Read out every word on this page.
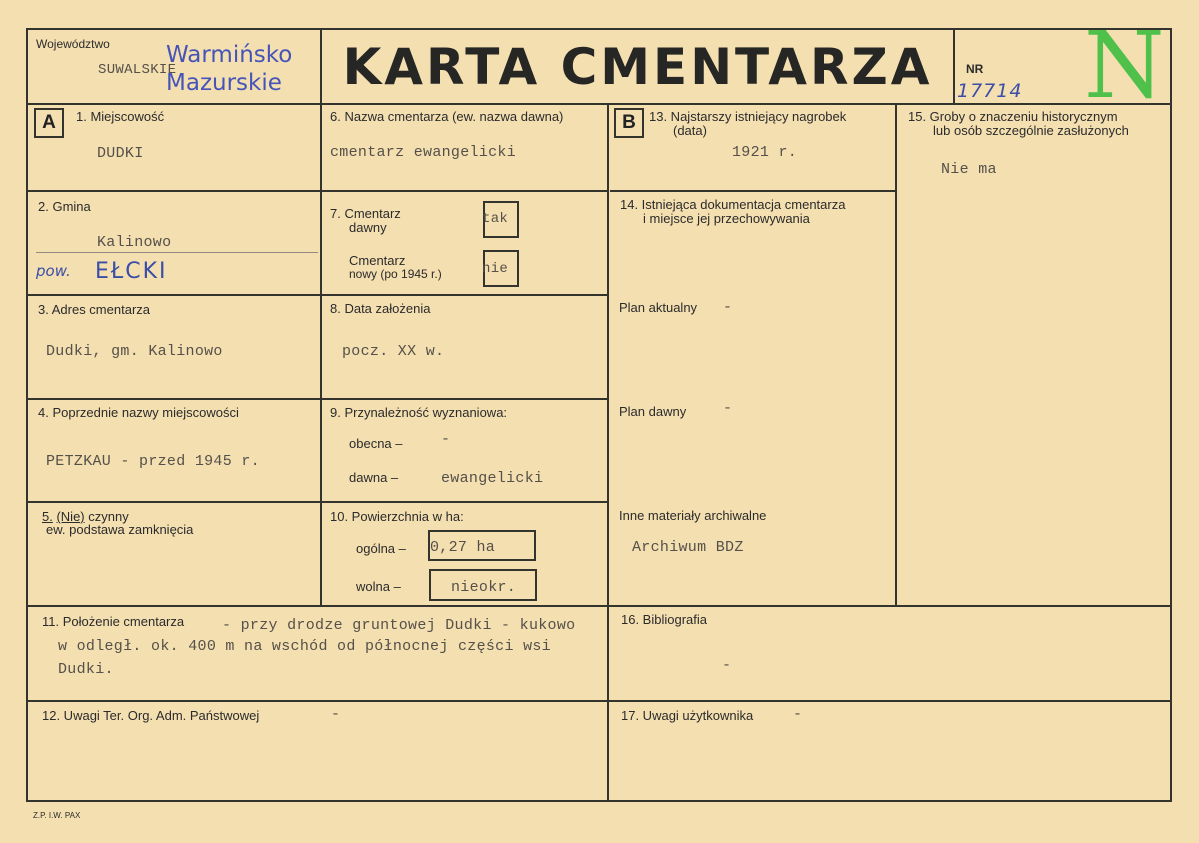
Województwo
SUWALSKIE
Warmińsko
Mazurskie KARTA CMENTARZA	NR
17714 N
A	1. Miejscowość
DUDKI
2. Gmina
Kalinowo
pow. EŁCKI
3. Adres cmentarza
Dudki, gm. Kalinowo
4. Poprzednie nazwy miejscowości
PETZKAU - przed 1945 r.
5. (Nie) czynny
ew. podstawa zamknięcia
6. Nazwa cmentarza (ew. nazwa dawna)
cmentarz ewangelicki
7. Cmentarz
dawny
tak
Cmentarz
nowy (po 1945 r.)	nie
8. Data założenia
pocz. XX w.
9. Przynależność wyznaniowa:
obecna –	-
dawna –	ewangelicki
10. Powierzchnia w ha:
ogólna – 0,27 ha
wolna –	nieokr.
B	13. Najstarszy istniejący nagrobek
(data)
1921 r.
14. Istniejąca dokumentacja cmentarza
i miejsce jej przechowywania
Plan aktualny -
Plan dawny -
Inne materiały archiwalne
Archiwum BDZ
15. Groby o znaczeniu historycznym
lub osób szczególnie zasłużonych
Nie ma
11. Położenie cmentarza	- przy drodze gruntowej Dudki - kukowo
w odległ. ok. 400 m na wschód od północnej części wsi
Dudki.
16. Bibliografia
-
12. Uwagi Ter. Org. Adm. Państwowej	-	17. Uwagi użytkownika	-
Z.P. I.W. PAX
